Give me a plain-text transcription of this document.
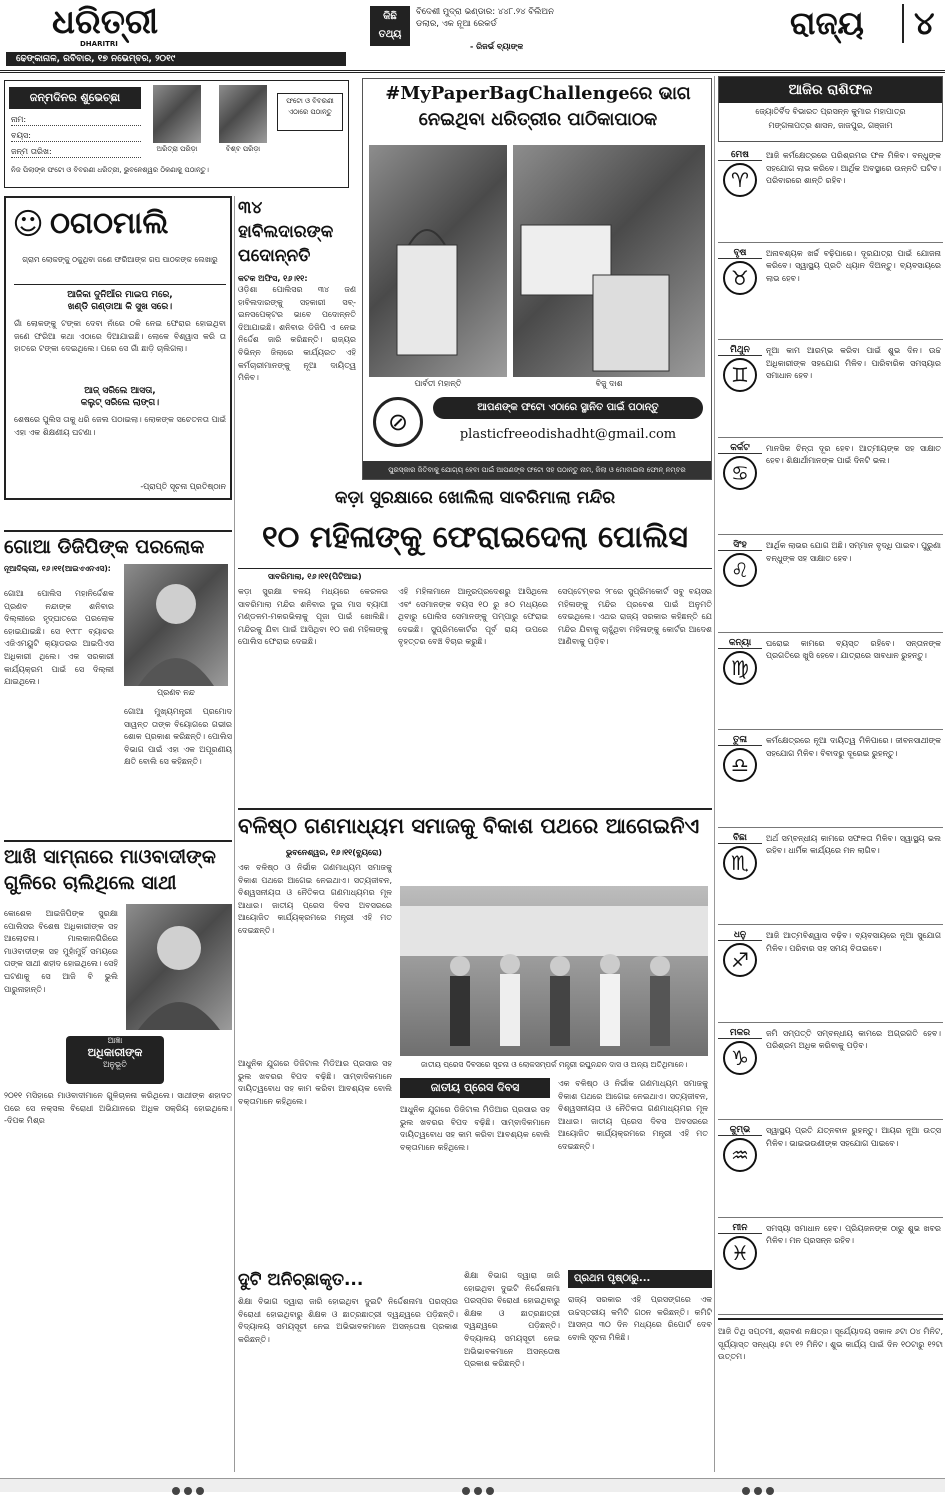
ଧରିତ୍ରୀ
DHARITRI
ଢେଙ୍କାନାଳ, ରବିବାର, ୧୭ ନଭେମ୍ବର, ୨୦୧୯
କିଛି
ତଥ୍ୟ
ବିଦେଶୀ ମୁଦ୍ରା ଭଣ୍ଡାର: ୪୪୮.୨୪ ବିଲିଅନ ଡଲାର, ଏକ ନୂଆ ରେକର୍ଡ
- ରିଜର୍ଭ ବ୍ୟାଙ୍କ
ରାଜ୍ୟ	୪
ଜନ୍ମଦିନର ଶୁଭେଚ୍ଛା
ନାମ:
ବୟସ:
ଜନ୍ମ ତାରିଖ:	ଅରିତ୍ରା ପରିଡ଼ା	ବିଶ୍ବ ପରିଡ଼ା
ଫଟୋ ଓ ବିବରଣୀ ଏଠାରେ ପଠାନ୍ତୁ
ନିଜ ପିଲାଙ୍କ ଫଟୋ ଓ ବିବରଣୀ ଧରିତ୍ରୀ, ଭୁବନେଶ୍ୱର ଠିକଣାକୁ ପଠାନ୍ତୁ।
☺ ଠଗଠମାଲି
ଗ୍ରାମ ଲୋକଙ୍କୁ ଠକୁଥିବା ଜଣେ ଫରିଆଙ୍କ ଗପ ପାଠକଙ୍କ ଲେଖାରୁ
ଆଜିକା ଦୁନିଆଁର ମାଇପ ମରେ,
ଖଣ୍ଡି ଗଣ୍ଡାଆ କି ସୁଖ ସରେ।
ଗାଁ ଲୋକଙ୍କୁ ଟଙ୍କା ଦେବା ନାଁରେ ଠକି ନେଇ ଫେରାର ହୋଇଥିବା ଜଣେ ଫରିଆ କଥା ଏଠାରେ ଦିଆଯାଇଛି। ଲୋକେ ବିଶ୍ୱାସ କରି ତା ହାତରେ ଟଙ୍କା ଦେଇଥିଲେ। ପରେ ସେ ଗାଁ ଛାଡ଼ି ଚାଲିଗଲା।
ଆଜ୍ ସରିଲେ ଆସତା,
କଲୁଟ୍ ସରିଲେ ଲାଙ୍ଗ।
ଶେଷରେ ପୁଲିସ ତାକୁ ଧରି ଜେଲ ପଠାଇଲା। ଲୋକଙ୍କ ସଚେତନତା ପାଇଁ ଏହା ଏକ ଶିକ୍ଷଣୀୟ ଘଟଣା।
-ପ୍ରାପ୍ତି ସୂଚନା ପ୍ରତିଷ୍ଠାନ
୩୪ ହାବିଲଦାରଙ୍କ ପଦୋନ୍ନତି
କଟକ ଅଫିସ, ୧୬।୧୧:
ଓଡ଼ିଶା ପୋଲିସର ୩୪ ଜଣ ହାବିଲଦାରଙ୍କୁ ସହକାରୀ ସବ୍-ଇନସପେକ୍ଟର ଭାବେ ପଦୋନ୍ନତି ଦିଆଯାଇଛି। ଶନିବାର ଡିଜିପି ଏ ନେଇ ନିର୍ଦ୍ଦେଶ ଜାରି କରିଛନ୍ତି। ରାଜ୍ୟର ବିଭିନ୍ନ ଜିଲାରେ କାର୍ଯ୍ୟରତ ଏହି କର୍ମଚାରୀମାନଙ୍କୁ ନୂଆ ଦାୟିତ୍ୱ ମିଳିବ।
#MyPaperBagChallengeରେ ଭାଗ
ନେଇଥିବା ଧରିତ୍ରୀର ପାଠିକାପାଠକ
ପାର୍ବତୀ ମହାନ୍ତି	ବିଜୁ ଦାଶ
⊘
ଆପଣଙ୍କ ଫଟୋ ଏଠାରେ ସ୍ଥାନିତ ପାଇଁ ପଠାନ୍ତୁ
plasticfreeodishadht@gmail.com
ପୁରସ୍କାର ଜିତିବାକୁ ଯୋଗ୍ୟ ହେବା ପାଇଁ ଆପଣଙ୍କ ଫଟୋ ସହ ପଠାନ୍ତୁ ନାମ, ଜିଲା ଓ ମୋବାଇଲ ଫୋନ୍ ନମ୍ବର
କଡ଼ା ସୁରକ୍ଷାରେ ଖୋଲିଲା ସାବରିମାଲା ମନ୍ଦିର
୧୦ ମହିଳାଙ୍କୁ ଫେରାଇଦେଲା ପୋଲିସ
ସାବରିମାଲା, ୧୬।୧୧(ପିଟିଆଇ)
କଡ଼ା ସୁରକ୍ଷା ବଳୟ ମଧ୍ୟରେ କେରଳର ସାବରିମାଲା ମନ୍ଦିର ଶନିବାର ଦୁଇ ମାସ ବ୍ୟାପୀ ମଣ୍ଡଳମ-ମକରଭିଲାକୁ ପୂଜା ପାଇଁ ଖୋଲିଛି। ମନ୍ଦିରକୁ ଯିବା ପାଇଁ ଆସିଥିବା ୧୦ ଜଣ ମହିଳାଙ୍କୁ ପୋଲିସ ଫେରାଇ ଦେଇଛି।
ଏହି ମହିଳାମାନେ ଆନ୍ଧ୍ରପ୍ରଦେଶରୁ ଆସିଥିଲେ ଏବଂ ସେମାନଙ୍କ ବୟସ ୧୦ ରୁ ୫୦ ମଧ୍ୟରେ ଥିବାରୁ ପୋଲିସ ସେମାନଙ୍କୁ ପମ୍ପାରୁ ଫେରାଇ ଦେଇଛି। ସୁପ୍ରିମକୋର୍ଟର ପୂର୍ବ ରାୟ ଉପରେ ବୃହତ୍ତର ବେଞ୍ଚ ବିଚାର କରୁଛି।
ସେପ୍ଟେମ୍ବର ୨୮ରେ ସୁପ୍ରିମକୋର୍ଟ ସବୁ ବୟସର ମହିଳାଙ୍କୁ ମନ୍ଦିର ପ୍ରବେଶ ପାଇଁ ଅନୁମତି ଦେଇଥିଲେ। ଏଥର ରାଜ୍ୟ ସରକାର କହିଛନ୍ତି ଯେ ମନ୍ଦିର ଯିବାକୁ ଚାହୁଁଥିବା ମହିଳାଙ୍କୁ କୋର୍ଟର ଆଦେଶ ଆଣିବାକୁ ପଡ଼ିବ।
ଗୋଆ ଡିଜିପିଙ୍କ ପରଲୋକ
ନୂଆଦିଲ୍ଲୀ, ୧୬।୧୧(ଆଇଏଏନଏସ):
ଗୋଆ ପୋଲିସ ମହାନିର୍ଦ୍ଦେଶକ ପ୍ରଣବ ନନ୍ଦାଙ୍କ ଶନିବାର ଦିଲ୍ଲୀରେ ହୃଦ୍‌ଘାତରେ ପରଲୋକ ହୋଇଯାଇଛି। ସେ ୧୯୮୮ ବ୍ୟାଚର ଏଜିଏମୟୁଟି କ୍ୟାଡରର ଆଇପିଏସ ଅଧିକାରୀ ଥିଲେ। ଏକ ସରକାରୀ କାର୍ଯ୍ୟକ୍ରମ ପାଇଁ ସେ ଦିଲ୍ଲୀ ଯାଇଥିଲେ।
ପ୍ରଣବ ନନ୍ଦ
ଗୋଆ ମୁଖ୍ୟମନ୍ତ୍ରୀ ପ୍ରମୋଦ ସାୱନ୍ତ ତାଙ୍କ ବିୟୋଗରେ ଗଭୀର ଶୋକ ପ୍ରକାଶ କରିଛନ୍ତି। ପୋଲିସ ବିଭାଗ ପାଇଁ ଏହା ଏକ ଅପୂରଣୀୟ କ୍ଷତି ବୋଲି ସେ କହିଛନ୍ତି।
ଆଖି ସାମ୍ନାରେ ମାଓବାଦୀଙ୍କ
ଗୁଳିରେ ଚାଲିଥିଲେ ସାଥୀ
କୋଶେଳ ଆଇଜିପିଙ୍କ ସୁରକ୍ଷା ପୋଲିସର ବିଶେଷ ଅଧିକାରୀଙ୍କ ସହ ଆଲୋଚନା। ମାଲକାନଗିରିରେ ମାଓବାଦୀଙ୍କ ସହ ମୁହାଁମୁହିଁ ସମୟରେ ତାଙ୍କ ସାଥୀ ଶହୀଦ ହୋଇଥିଲେ। ସେହି ଘଟଣାକୁ ସେ ଆଜି ବି ଭୁଲି ପାରୁନାହାନ୍ତି।
ଆଜ୍ଞା
ଅଧିକାରୀଙ୍କ
ଅନୁଭୂତି
୨୦୧୧ ମସିହାରେ ମାଓବାଦୀମାନେ ଗୁଳିଚାଳନା କରିଥିଲେ। ସାଥୀଙ୍କ ଶହାଦତ ପରେ ସେ ନକ୍ସଲ ବିରୋଧୀ ଅଭିଯାନରେ ଅଧିକ ସକ୍ରିୟ ହୋଇଥିଲେ। -ଦିପକ ମିଶ୍ର
ବଳିଷ୍ଠ ଗଣମାଧ୍ୟମ ସମାଜକୁ ବିକାଶ ପଥରେ ଆଗେଇନିଏ
ଭୁବନେଶ୍ୱର, ୧୬।୧୧(ବ୍ୟୁରୋ)
ଏକ ବଳିଷ୍ଠ ଓ ନିର୍ଭୀକ ଗଣମାଧ୍ୟମ ସମାଜକୁ ବିକାଶ ପଥରେ ଆଗେଇ ନେଇଥାଏ। ସତ୍ୟଜୀବନ, ବିଶ୍ୱସନୀୟତା ଓ ନୈତିକତା ଗଣମାଧ୍ୟମର ମୂଳ ଆଧାର। ଜାତୀୟ ପ୍ରେସ ଦିବସ ଅବସରରେ ଆୟୋଜିତ କାର୍ଯ୍ୟକ୍ରମରେ ମନ୍ତ୍ରୀ ଏହି ମତ ଦେଇଛନ୍ତି।
ଜାତୀୟ ପ୍ରେସ ଦିବସରେ ସୂଚନା ଓ ଲୋକସମ୍ପର୍କ ମନ୍ତ୍ରୀ ରଘୁନନ୍ଦନ ଦାସ ଓ ଅନ୍ୟ ଅତିଥିମାନେ।
ଆଧୁନିକ ଯୁଗରେ ଡିଜିଟାଲ ମିଡିଆର ପ୍ରସାର ସହ ଭୁଲ ଖବରର ବିପଦ ବଢ଼ିଛି। ସାମ୍ବାଦିକମାନେ ଦାୟିତ୍ୱବୋଧ ସହ କାମ କରିବା ଆବଶ୍ୟକ ବୋଲି ବକ୍ତାମାନେ କହିଥିଲେ।
ଜାତୀୟ ପ୍ରେସ ଦିବସ
ଆଧୁନିକ ଯୁଗରେ ଡିଜିଟାଲ ମିଡିଆର ପ୍ରସାର ସହ ଭୁଲ ଖବରର ବିପଦ ବଢ଼ିଛି। ସାମ୍ବାଦିକମାନେ ଦାୟିତ୍ୱବୋଧ ସହ କାମ କରିବା ଆବଶ୍ୟକ ବୋଲି ବକ୍ତାମାନେ କହିଥିଲେ।
ଏକ ବଳିଷ୍ଠ ଓ ନିର୍ଭୀକ ଗଣମାଧ୍ୟମ ସମାଜକୁ ବିକାଶ ପଥରେ ଆଗେଇ ନେଇଥାଏ। ସତ୍ୟଜୀବନ, ବିଶ୍ୱସନୀୟତା ଓ ନୈତିକତା ଗଣମାଧ୍ୟମର ମୂଳ ଆଧାର। ଜାତୀୟ ପ୍ରେସ ଦିବସ ଅବସରରେ ଆୟୋଜିତ କାର୍ଯ୍ୟକ୍ରମରେ ମନ୍ତ୍ରୀ ଏହି ମତ ଦେଇଛନ୍ତି।
ଦୁଟି ଅନିଚ୍ଛାକୃତ...
ଶିକ୍ଷା ବିଭାଗ ଦ୍ୱାରା ଜାରି ହୋଇଥିବା ଦୁଇଟି ନିର୍ଦ୍ଦେଶନାମା ପରସ୍ପର ବିରୋଧୀ ହୋଇଥିବାରୁ ଶିକ୍ଷକ ଓ ଛାତ୍ରଛାତ୍ରୀ ଦ୍ୱନ୍ଦ୍ୱରେ ପଡ଼ିଛନ୍ତି। ବିଦ୍ୟାଳୟ ସମୟସୂଚୀ ନେଇ ଅଭିଭାବକମାନେ ଅସନ୍ତୋଷ ପ୍ରକାଶ କରିଛନ୍ତି।
ଶିକ୍ଷା ବିଭାଗ ଦ୍ୱାରା ଜାରି ହୋଇଥିବା ଦୁଇଟି ନିର୍ଦ୍ଦେଶନାମା ପରସ୍ପର ବିରୋଧୀ ହୋଇଥିବାରୁ ଶିକ୍ଷକ ଓ ଛାତ୍ରଛାତ୍ରୀ ଦ୍ୱନ୍ଦ୍ୱରେ ପଡ଼ିଛନ୍ତି। ବିଦ୍ୟାଳୟ ସମୟସୂଚୀ ନେଇ ଅଭିଭାବକମାନେ ଅସନ୍ତୋଷ ପ୍ରକାଶ କରିଛନ୍ତି।
ପ୍ରଥମ ପୃଷ୍ଠାରୁ...
ରାଜ୍ୟ ସରକାର ଏହି ପ୍ରସଙ୍ଗରେ ଏକ ଉଚ୍ଚସ୍ତରୀୟ କମିଟି ଗଠନ କରିଛନ୍ତି। କମିଟି ଆସନ୍ତା ୩୦ ଦିନ ମଧ୍ୟରେ ରିପୋର୍ଟ ଦେବ ବୋଲି ସୂଚନା ମିଳିଛି।
ଆଜିର ରାଶିଫଳ
ଜ୍ୟୋତିର୍ବିଦ ବିଭାରତ ପ୍ରସନ୍ନ କୁମାର ମହାପାତ୍ର
ମଙ୍ଗଳାପତ୍ର ଶାସନ, ଜାଜପୁର, ଗଞ୍ଜାମ
ମେଷ
♈
ଆଜି କର୍ମକ୍ଷେତ୍ରରେ ପରିଶ୍ରମର ଫଳ ମିଳିବ। ବନ୍ଧୁଙ୍କ ସହଯୋଗ ଲାଭ କରିବେ। ଆର୍ଥିକ ଅବସ୍ଥାରେ ଉନ୍ନତି ଘଟିବ। ପରିବାରରେ ଶାନ୍ତି ରହିବ।
ବୃଷ
♉
ଅନାବଶ୍ୟକ ଖର୍ଚ୍ଚ ବଢ଼ିପାରେ। ଦୂରଯାତ୍ରା ପାଇଁ ଯୋଜନା କରିବେ। ସ୍ୱାସ୍ଥ୍ୟ ପ୍ରତି ଧ୍ୟାନ ଦିଅନ୍ତୁ। ବ୍ୟବସାୟରେ ଲାଭ ହେବ।
ମିଥୁନ
♊
ନୂଆ କାମ ଆରମ୍ଭ କରିବା ପାଇଁ ଶୁଭ ଦିନ। ଉଚ୍ଚ ଅଧିକାରୀଙ୍କ ସହଯୋଗ ମିଳିବ। ପାରିବାରିକ ସମସ୍ୟାର ସମାଧାନ ହେବ।
କର୍କଟ
♋
ମାନସିକ ଚିନ୍ତା ଦୂର ହେବ। ଆତ୍ମୀୟଙ୍କ ସହ ସାକ୍ଷାତ ହେବ। ଶିକ୍ଷାର୍ଥୀମାନଙ୍କ ପାଇଁ ଦିନଟି ଭଲ।
ସିଂହ
♌
ଆର୍ଥିକ ଲାଭର ଯୋଗ ଅଛି। ସମ୍ମାନ ବୃଦ୍ଧି ପାଇବ। ପୁରୁଣା ବନ୍ଧୁଙ୍କ ସହ ସାକ୍ଷାତ ହେବ।
କନ୍ୟା
♍
ଘରୋଇ କାମରେ ବ୍ୟସ୍ତ ରହିବେ। ସନ୍ତାନଙ୍କ ପ୍ରଗତିରେ ଖୁସି ହେବେ। ଯାତ୍ରାରେ ସାବଧାନ ରୁହନ୍ତୁ।
ତୁଳା
♎
କର୍ମକ୍ଷେତ୍ରରେ ନୂଆ ଦାୟିତ୍ୱ ମିଳିପାରେ। ଜୀବନସାଥୀଙ୍କ ସହଯୋଗ ମିଳିବ। ବିବାଦରୁ ଦୂରେଇ ରୁହନ୍ତୁ।
ବିଛା
♏
ଅର୍ଥ ସମ୍ବନ୍ଧୀୟ କାମରେ ସଫଳତା ମିଳିବ। ସ୍ୱାସ୍ଥ୍ୟ ଭଲ ରହିବ। ଧାର୍ମିକ କାର୍ଯ୍ୟରେ ମନ ଲାଗିବ।
ଧନୁ
♐
ଆଜି ଆତ୍ମବିଶ୍ୱାସ ବଢ଼ିବ। ବ୍ୟବସାୟରେ ନୂଆ ସୁଯୋଗ ମିଳିବ। ପରିବାର ସହ ସମୟ ବିତାଇବେ।
ମକର
♑
ଜମି ସମ୍ପତ୍ତି ସମ୍ବନ୍ଧୀୟ କାମରେ ଅଗ୍ରଗତି ହେବ। ପରିଶ୍ରମ ଅଧିକ କରିବାକୁ ପଡ଼ିବ।
କୁମ୍ଭ
♒
ସ୍ୱାସ୍ଥ୍ୟ ପ୍ରତି ଯତ୍ନବାନ ରୁହନ୍ତୁ। ଆୟର ନୂଆ ଉତ୍ସ ମିଳିବ। ଭାଇଭଉଣୀଙ୍କ ସହଯୋଗ ପାଇବେ।
ମୀନ
♓
ସମସ୍ୟା ସମାଧାନ ହେବ। ପ୍ରିୟଜନଙ୍କ ଠାରୁ ଶୁଭ ଖବର ମିଳିବ। ମନ ପ୍ରସନ୍ନ ରହିବ।
ଆଜି ତିଥି ସପ୍ତମୀ, ଶ୍ରାବଣ ନକ୍ଷତ୍ର। ସୂର୍ଯ୍ୟୋଦୟ ସକାଳ ୬ଟା ୦୪ ମିନିଟ, ସୂର୍ଯ୍ୟାସ୍ତ ସନ୍ଧ୍ୟା ୫ଟା ୧୨ ମିନିଟ। ଶୁଭ କାର୍ଯ୍ୟ ପାଇଁ ଦିନ ୧୦ଟାରୁ ୧୨ଟା ଉତ୍ତମ।
